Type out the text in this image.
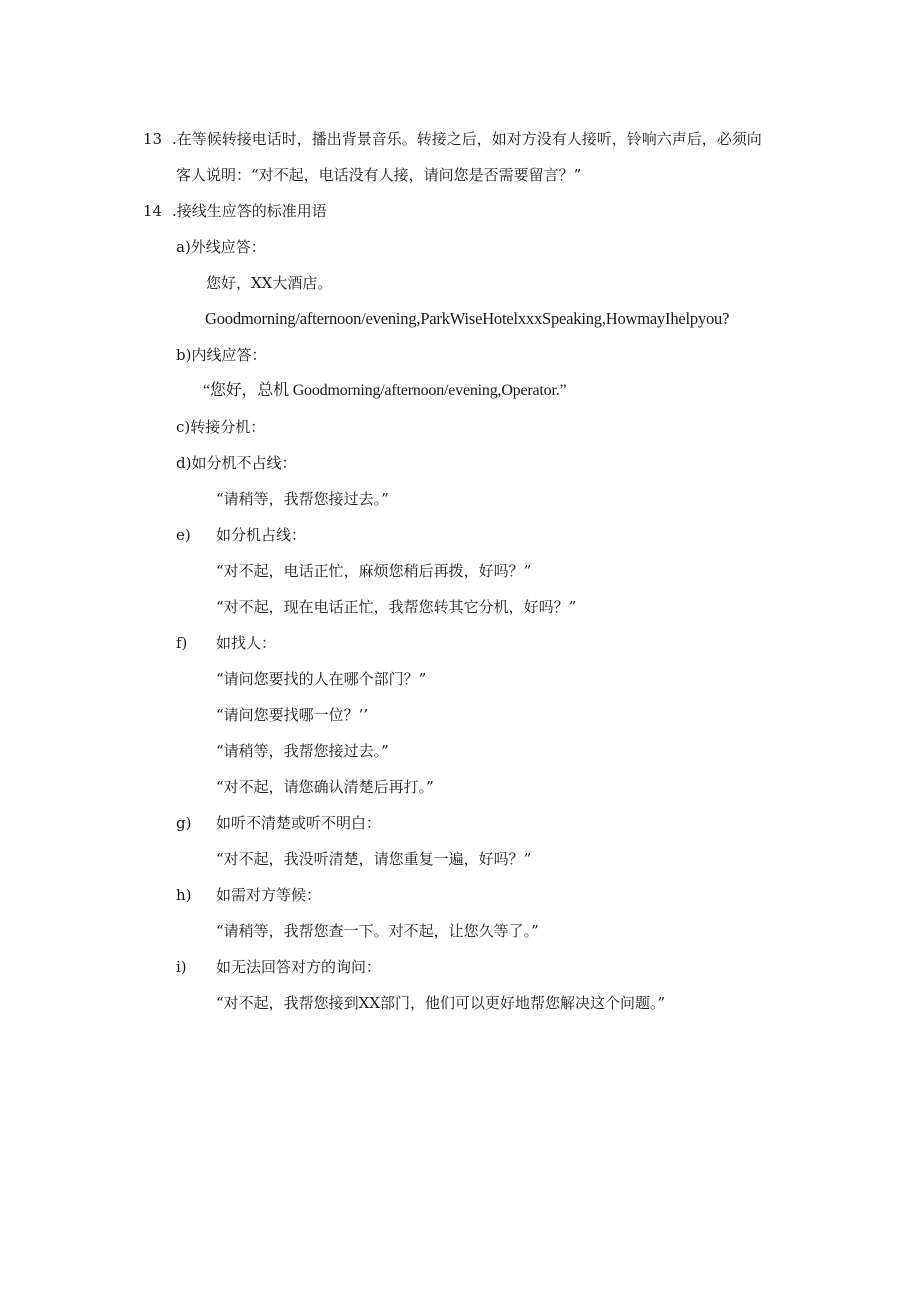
13 .在等候转接电话时，播出背景音乐。转接之后，如对方没有人接听，铃响六声后，必须向
客人说明：“对不起，电话没有人接，请问您是否需要留言？”
14 .接线生应答的标准用语
a)外线应答：
您好，XX大酒店。
Goodmorning/afternoon/evening,ParkWiseHotelxxxSpeaking,HowmayIhelpyou?
b)内线应答：
“您好，总机 Goodmorning/afternoon/evening,Operator.”
c)转接分机：
d)如分机不占线：
“请稍等，我帮您接过去。”
e) 如分机占线：
“对不起，电话正忙，麻烦您稍后再拨，好吗？”
“对不起，现在电话正忙，我帮您转其它分机，好吗？”
f) 如找人：
“请问您要找的人在哪个部门？”
“请问您要找哪一位？’’
“请稍等，我帮您接过去。”
“对不起，请您确认清楚后再打。”
g) 如听不清楚或听不明白：
“对不起，我没听清楚，请您重复一遍，好吗？”
h) 如需对方等候：
“请稍等，我帮您查一下。对不起，让您久等了。”
i) 如无法回答对方的询问：
“对不起，我帮您接到XX部门，他们可以更好地帮您解决这个问题。”
